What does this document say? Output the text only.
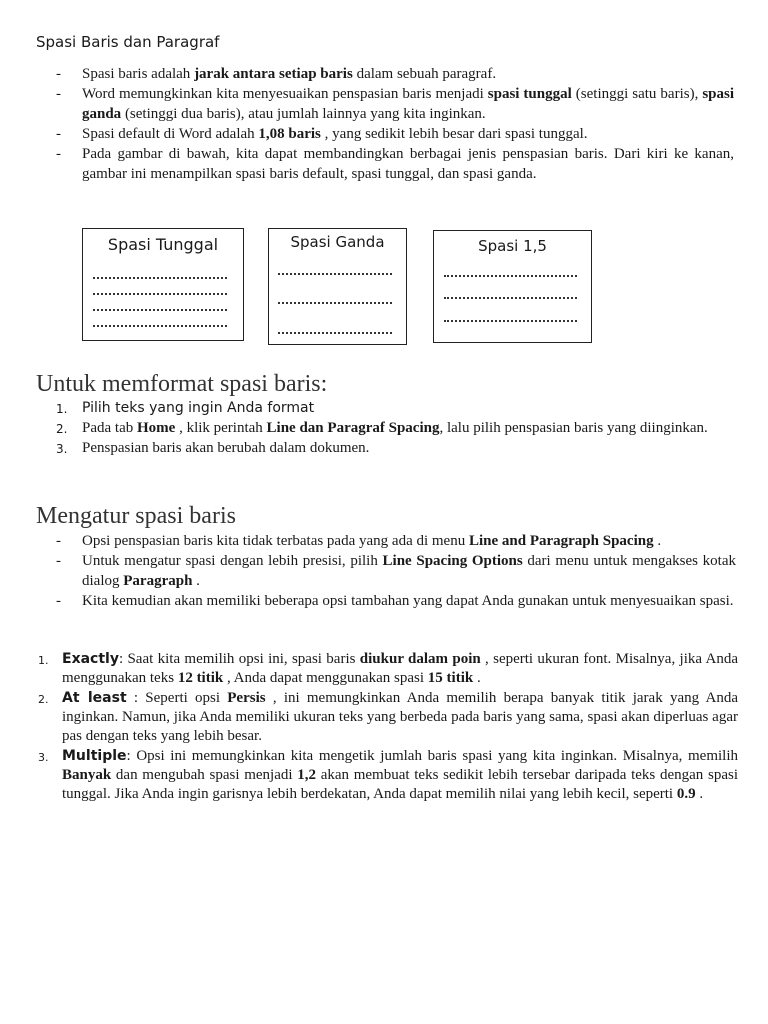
Spasi Baris dan Paragraf
- Spasi baris adalah jarak antara setiap baris dalam sebuah paragraf.
- Word memungkinkan kita menyesuaikan penspasian baris menjadi spasi tunggal (setinggi satu baris), spasi ganda (setinggi dua baris), atau jumlah lainnya yang kita inginkan.
- Spasi default di Word adalah 1,08 baris , yang sedikit lebih besar dari spasi tunggal.
- Pada gambar di bawah, kita dapat membandingkan berbagai jenis penspasian baris. Dari kiri ke kanan, gambar ini menampilkan spasi baris default, spasi tunggal, dan spasi ganda.
Spasi Tunggal	Spasi Ganda	Spasi 1,5
Untuk memformat spasi baris:
1. Pilih teks yang ingin Anda format
2. Pada tab Home , klik perintah Line dan Paragraf Spacing, lalu pilih penspasian baris yang diinginkan.
3. Penspasian baris akan berubah dalam dokumen.
Mengatur spasi baris
- Opsi penspasian baris kita tidak terbatas pada yang ada di menu Line and Paragraph Spacing .
- Untuk mengatur spasi dengan lebih presisi, pilih Line Spacing Options dari menu untuk mengakses kotak dialog Paragraph .
- Kita kemudian akan memiliki beberapa opsi tambahan yang dapat Anda gunakan untuk menyesuaikan spasi.
1. Exactly: Saat kita memilih opsi ini, spasi baris diukur dalam poin , seperti ukuran font. Misalnya, jika Anda menggunakan teks 12 titik , Anda dapat menggunakan spasi 15 titik .
2. At least : Seperti opsi Persis , ini memungkinkan Anda memilih berapa banyak titik jarak yang Anda inginkan. Namun, jika Anda memiliki ukuran teks yang berbeda pada baris yang sama, spasi akan diperluas agar pas dengan teks yang lebih besar.
3. Multiple: Opsi ini memungkinkan kita mengetik jumlah baris spasi yang kita inginkan. Misalnya, memilih Banyak dan mengubah spasi menjadi 1,2 akan membuat teks sedikit lebih tersebar daripada teks dengan spasi tunggal. Jika Anda ingin garisnya lebih berdekatan, Anda dapat memilih nilai yang lebih kecil, seperti 0.9 .
